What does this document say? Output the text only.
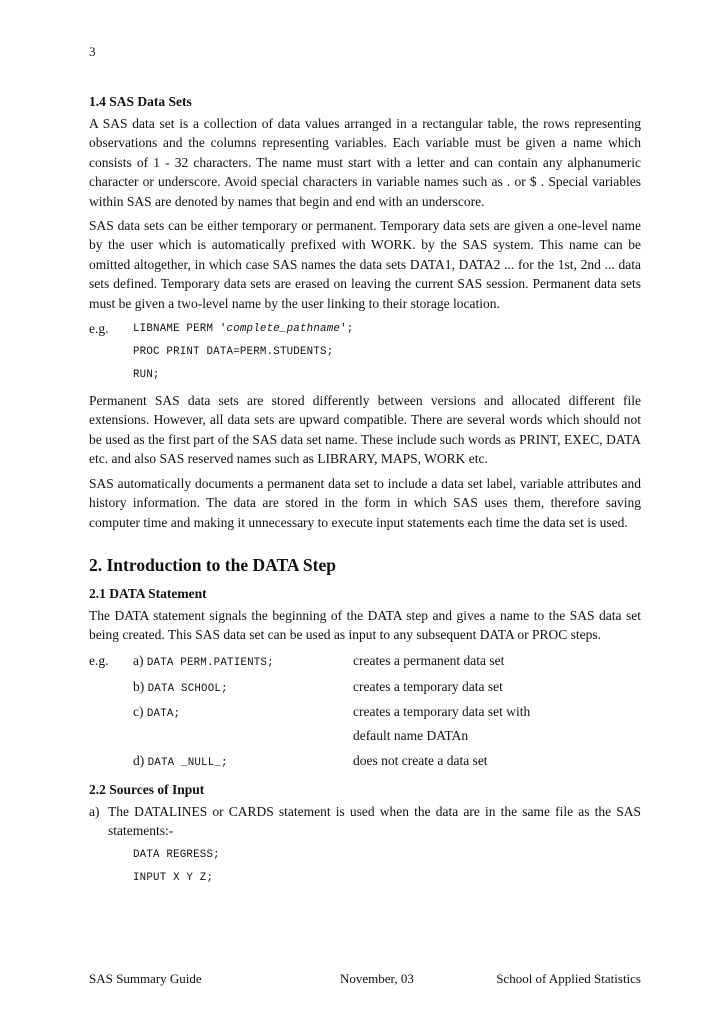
3
1.4 SAS Data Sets

A SAS data set is a collection of data values arranged in a rectangular table, the rows representing observations and the columns representing variables. Each variable must be given a name which consists of 1 - 32 characters. The name must start with a letter and can contain any alphanumeric character or underscore. Avoid special characters in variable names such as . or $ . Special variables within SAS are denoted by names that begin and end with an underscore.

SAS data sets can be either temporary or permanent. Temporary data sets are given a one-level name by the user which is automatically prefixed with WORK. by the SAS system. This name can be omitted altogether, in which case SAS names the data sets DATA1, DATA2 ... for the 1st, 2nd ... data sets defined. Temporary data sets are erased on leaving the current SAS session. Permanent data sets must be given a two-level name by the user linking to their storage location.

e.g. LIBNAME PERM 'complete_pathname';
PROC PRINT DATA=PERM.STUDENTS;
RUN;

Permanent SAS data sets are stored differently between versions and allocated different file extensions. However, all data sets are upward compatible. There are several words which should not be used as the first part of the SAS data set name. These include such words as PRINT, EXEC, DATA etc. and also SAS reserved names such as LIBRARY, MAPS, WORK etc.

SAS automatically documents a permanent data set to include a data set label, variable attributes and history information. The data are stored in the form in which SAS uses them, therefore saving computer time and making it unnecessary to execute input statements each time the data set is used.

2. Introduction to the DATA Step
2.1 DATA Statement

The DATA statement signals the beginning of the DATA step and gives a name to the SAS data set being created. This SAS data set can be used as input to any subsequent DATA or PROC steps.

e.g. a) DATA PERM.PATIENTS;	creates a permanent data set
b) DATA SCHOOL;	creates a temporary data set
c) DATA;	creates a temporary data set with
default name DATAn
d) DATA _NULL_;	does not create a data set
2.2 Sources of Input
a) The DATALINES or CARDS statement is used when the data are in the same file as the SAS statements:-
DATA REGRESS;
INPUT X Y Z;
SAS Summary Guide	November, 03	School of Applied Statistics
